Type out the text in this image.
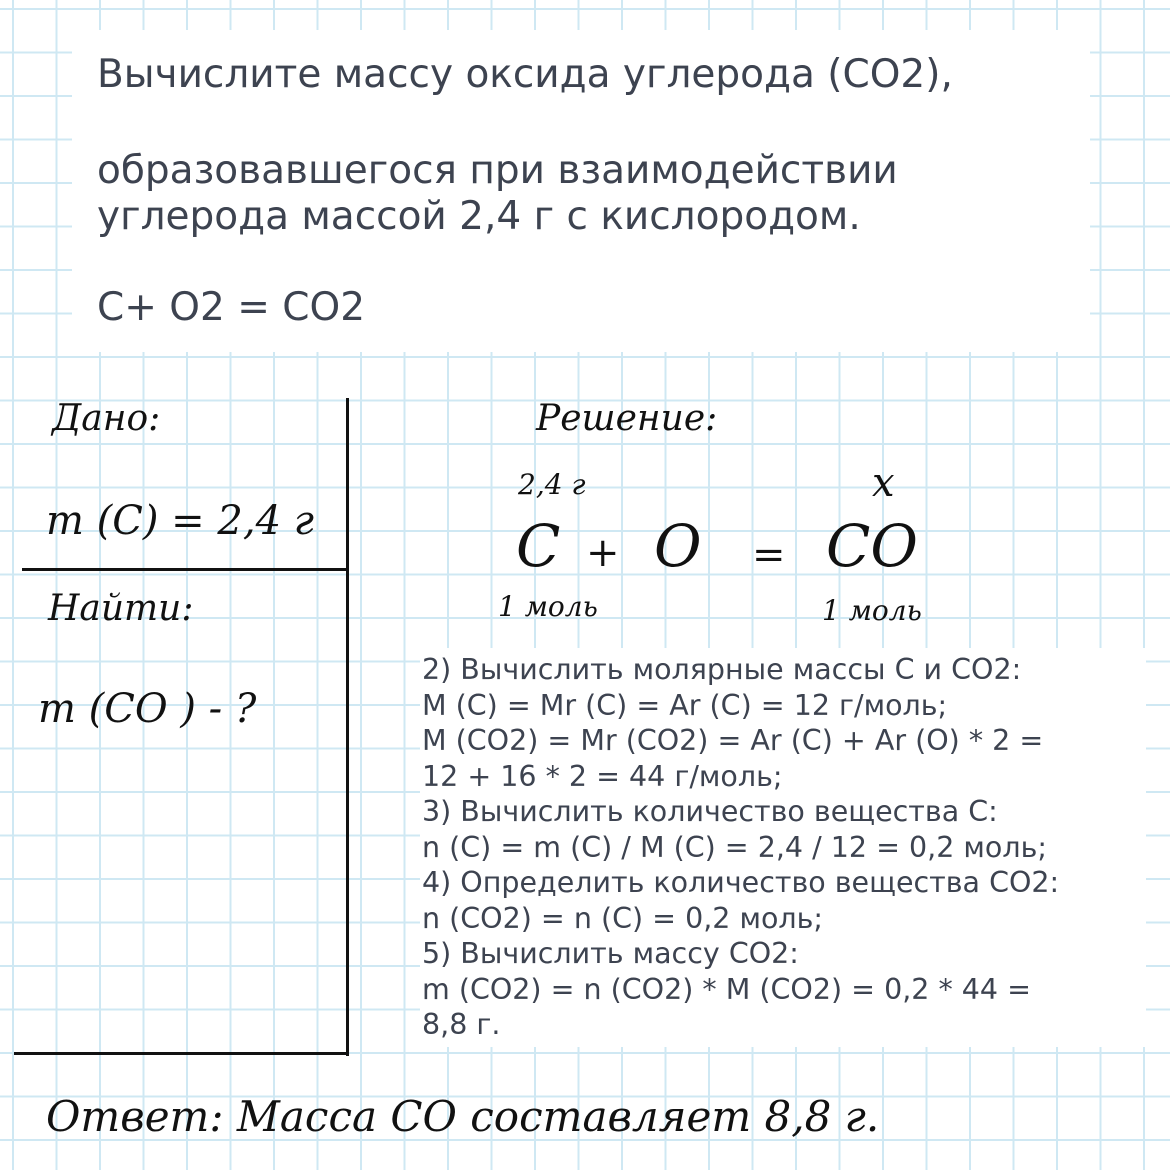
Вычислите массу оксида углерода (СО2),
образовавшегося при взаимодействии
углерода массой 2,4 г с кислородом.
С+ О2 = СО2
Дано:
m (С) = 2,4 г
Найти:
m (СО ) - ?
Решение:
2,4 г	x
С + О = СО
1 моль	1 моль
2) Вычислить молярные массы С и СО2:
М (С) = Мr (С) = Аr (С) = 12 г/моль;
М (СО2) = Мr (СО2) = Аr (С) + Аr (О) * 2 =
12 + 16 * 2 = 44 г/моль;
3) Вычислить количество вещества С:
n (С) = m (С) / М (С) = 2,4 / 12 = 0,2 моль;
4) Определить количество вещества СО2:
n (СО2) = n (С) = 0,2 моль;
5) Вычислить массу СО2:
m (СО2) = n (СО2) * М (СО2) = 0,2 * 44 =
8,8 г.
Ответ: Масса СО составляет 8,8 г.
